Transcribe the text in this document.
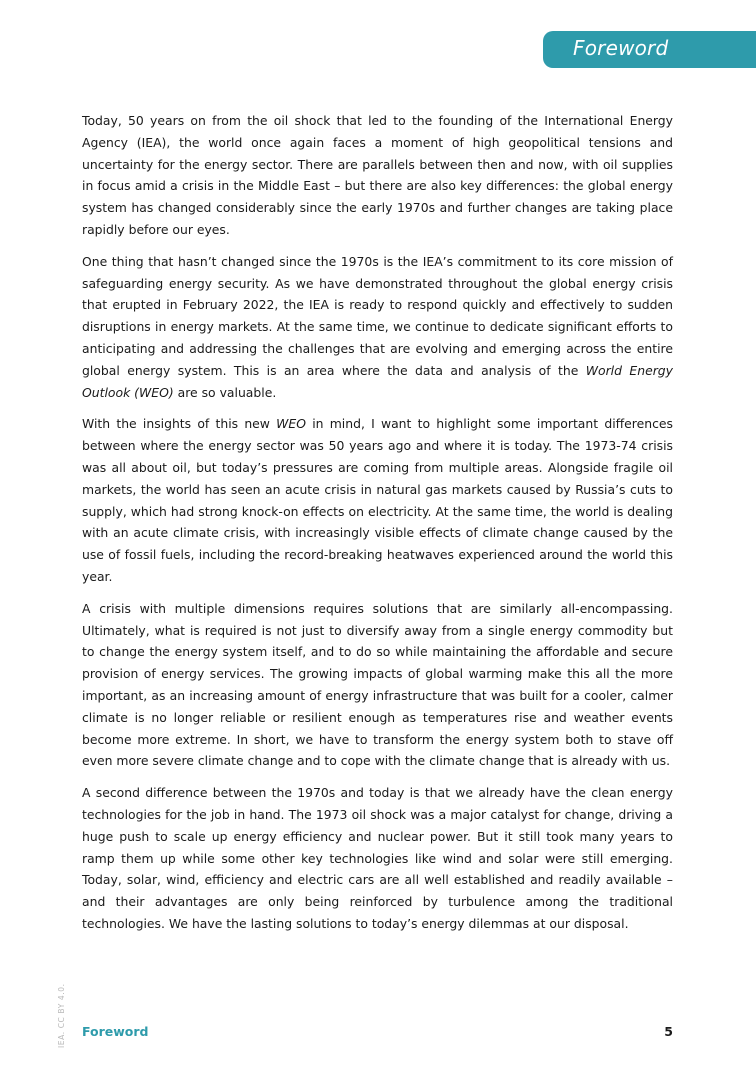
Foreword

Today, 50 years on from the oil shock that led to the founding of the International Energy Agency (IEA), the world once again faces a moment of high geopolitical tensions and uncertainty for the energy sector. There are parallels between then and now, with oil supplies in focus amid a crisis in the Middle East – but there are also key differences: the global energy system has changed considerably since the early 1970s and further changes are taking place rapidly before our eyes.

One thing that hasn’t changed since the 1970s is the IEA’s commitment to its core mission of safeguarding energy security. As we have demonstrated throughout the global energy crisis that erupted in February 2022, the IEA is ready to respond quickly and effectively to sudden disruptions in energy markets. At the same time, we continue to dedicate significant efforts to anticipating and addressing the challenges that are evolving and emerging across the entire global energy system. This is an area where the data and analysis of the World Energy Outlook (WEO) are so valuable.

With the insights of this new WEO in mind, I want to highlight some important differences between where the energy sector was 50 years ago and where it is today. The 1973-74 crisis was all about oil, but today’s pressures are coming from multiple areas. Alongside fragile oil markets, the world has seen an acute crisis in natural gas markets caused by Russia’s cuts to supply, which had strong knock-on effects on electricity. At the same time, the world is dealing with an acute climate crisis, with increasingly visible effects of climate change caused by the use of fossil fuels, including the record-breaking heatwaves experienced around the world this year.

A crisis with multiple dimensions requires solutions that are similarly all-encompassing. Ultimately, what is required is not just to diversify away from a single energy commodity but to change the energy system itself, and to do so while maintaining the affordable and secure provision of energy services. The growing impacts of global warming make this all the more important, as an increasing amount of energy infrastructure that was built for a cooler, calmer climate is no longer reliable or resilient enough as temperatures rise and weather events become more extreme. In short, we have to transform the energy system both to stave off even more severe climate change and to cope with the climate change that is already with us.

A second difference between the 1970s and today is that we already have the clean energy technologies for the job in hand. The 1973 oil shock was a major catalyst for change, driving a huge push to scale up energy efficiency and nuclear power. But it still took many years to ramp them up while some other key technologies like wind and solar were still emerging. Today, solar, wind, efficiency and electric cars are all well established and readily available – and their advantages are only being reinforced by turbulence among the traditional technologies. We have the lasting solutions to today’s energy dilemmas at our disposal.

IEA. CC BY 4.0. Foreword	5
